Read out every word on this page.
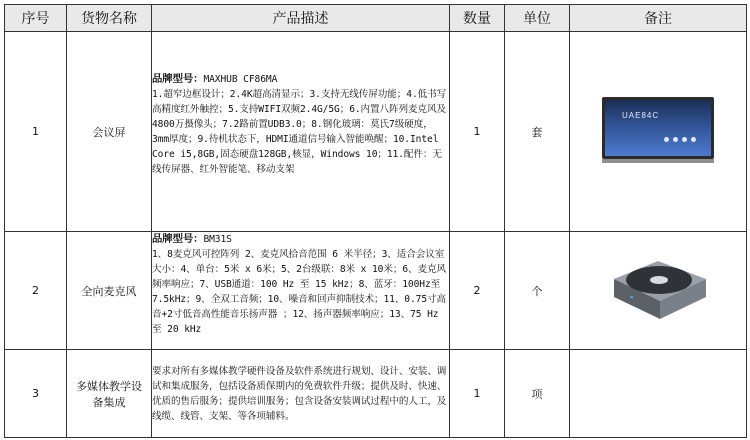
序号	货物名称	产品描述	数量	单位	备注
1	会议屏	品牌型号：MAXHUB CF86MA
1.超窄边框设计；2.4K超高清显示；3.支持无线传屏功能；4.低书写高精度红外触控；5.支持WIFI双频2.4G/5G；6.内置八阵列麦克风及4800万摄像头；7.2路前置UDB3.0；8.钢化玻璃：莫氏7级硬度，3mm厚度；9.待机状态下，HDMI通道信号输入智能唤醒；10.Intel Core i5,8GB,固态硬盘128GB,核显，Windows 10；11.配件：无线传屏器、红外智能笔、移动支架	1	套	UAE84C

2	全向麦克风	品牌型号：BM31S
1、8麦克风可控阵列 2、麦克风拾音范围 6 米半径；3、适合会议室大小：4、单台：5米 x 6米；5、2台级联：8米 x 10米；6、麦克风频率响应；7、USB通道：100 Hz 至 15 kHz；8、蓝牙：100Hz至7.5kHz；9、全双工音频；10、噪音和回声抑制技术；11、0.75寸高音+2寸低音高性能音乐扬声器 ；12、扬声器频率响应；13、75 Hz 至 20 kHz	2	个	

3	多媒体教学设备集成	要求对所有多媒体教学硬件设备及软件系统进行规划、设计、安装、调试和集成服务，包括设备质保期内的免费软件升级；提供及时、快速、优质的售后服务；提供培训服务；包含设备安装调试过程中的人工，及线缆、线管、支架、等各项辅料。	1	项	
